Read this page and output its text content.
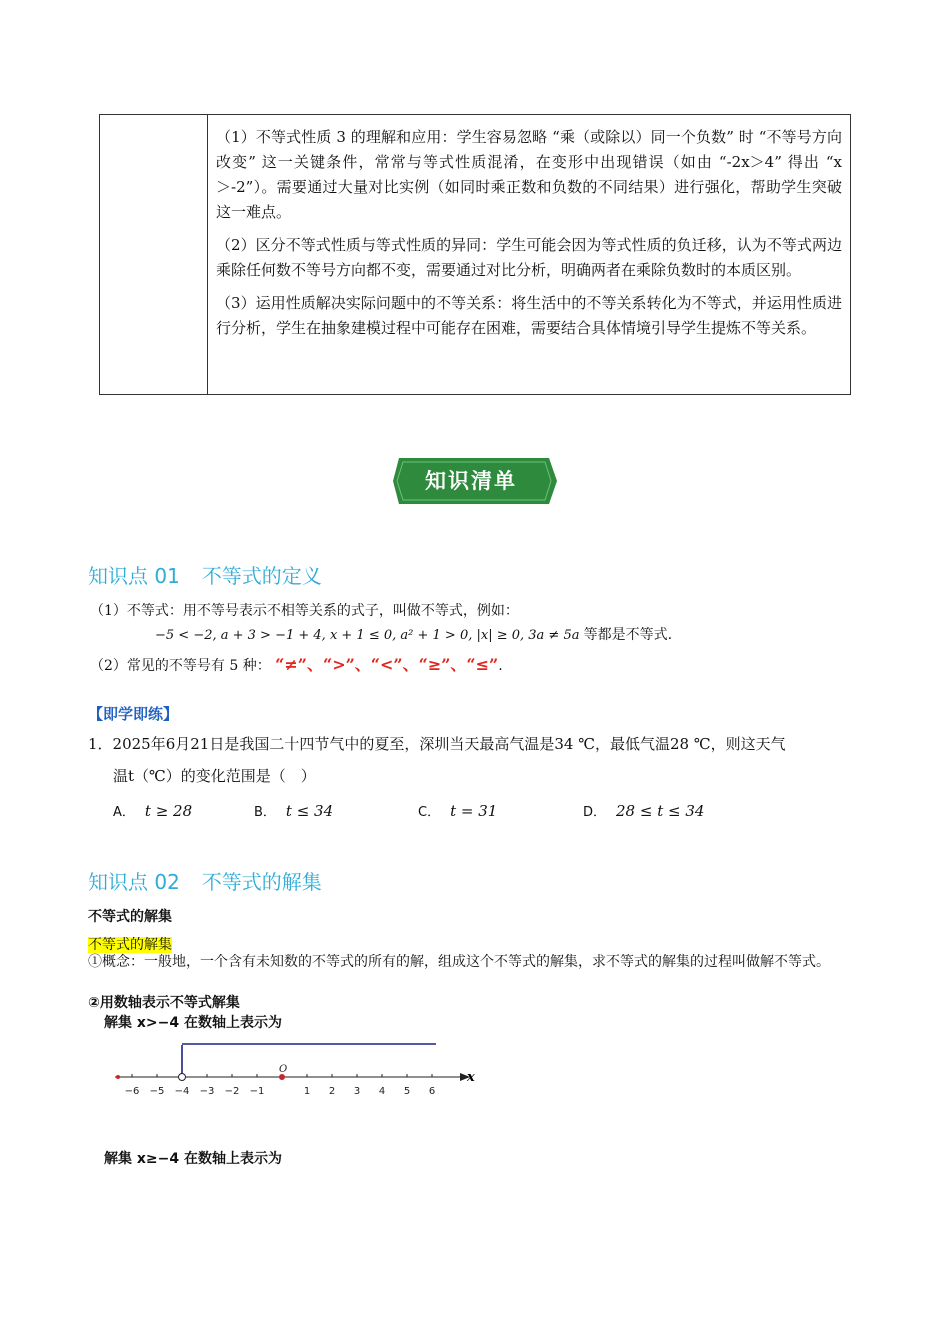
（1）不等式性质 3 的理解和应用：学生容易忽略 “乘（或除以）同一个负数” 时 “不等号方向改变” 这一关键条件，常常与等式性质混淆，在变形中出现错误（如由 “-2x＞4” 得出 “x＞-2”）。需要通过大量对比实例（如同时乘正数和负数的不同结果）进行强化，帮助学生突破这一难点。

（2）区分不等式性质与等式性质的异同：学生可能会因为等式性质的负迁移，认为不等式两边乘除任何数不等号方向都不变，需要通过对比分析，明确两者在乘除负数时的本质区别。

（3）运用性质解决实际问题中的不等关系：将生活中的不等关系转化为不等式，并运用性质进行分析，学生在抽象建模过程中可能存在困难，需要结合具体情境引导学生提炼不等关系。

知识清单
知识点 01 不等式的定义
（1）不等式：用不等号表示不相等关系的式子，叫做不等式，例如：
−5 < −2, a + 3 > −1 + 4, x + 1 ≤ 0, a² + 1 > 0, |x| ≥ 0, 3a ≠ 5a 等都是不等式.
（2）常见的不等号有 5 种： “≠”、“>”、“<”、“≥”、“≤”.
【即学即练】
1．2025年6月21日是我国二十四节气中的夏至，深圳当天最高气温是34 ℃，最低气温28 ℃，则这天气
温t（℃）的变化范围是（　）
A． t ≥ 28	B． t ≤ 34	C． t = 31	D． 28 ≤ t ≤ 34
知识点 02 不等式的解集
不等式的解集
不等式的解集
①概念：一般地，一个含有未知数的不等式的所有的解，组成这个不等式的解集，求不等式的解集的过程叫做解不等式。
②用数轴表示不等式解集
解集 x>−4 在数轴上表示为
x
−6 −5 −4 −3 −2 −1	1 2 3 4 5 6
O
解集 x≥−4 在数轴上表示为
